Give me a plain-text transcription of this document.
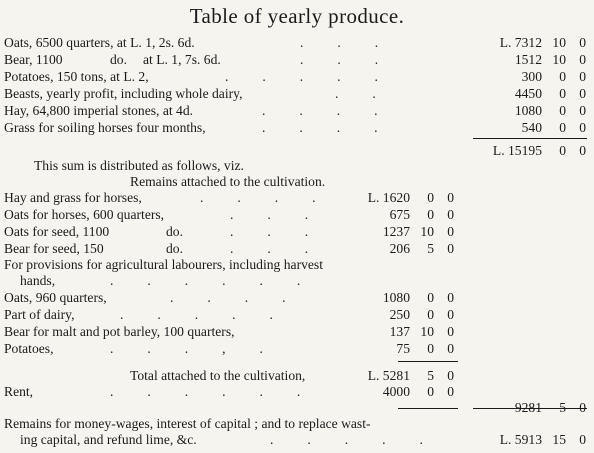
Table of yearly produce.
Oats, 6500 quarters, at L. 1, 2s. 6d.	.          .          .	L. 7312 10 0
Bear, 1100	do. at L. 1, 7s. 6d.	.          .          .	1512 10 0
Potatoes, 150 tons, at L. 2,	.          .          .          .          .	300	0 0
Beasts, yearly profit, including whole dairy,	.          .	4450	0 0
Hay, 64,800 imperial stones, at 4d.	.          .          .          .	1080	0 0
Grass for soiling horses four months,	.          .          .          .	540	0 0
L. 15195	0 0
This sum is distributed as follows, viz.
Remains attached to the cultivation.
Hay and grass for horses,	.          .          .          .	L. 1620	0 0
Oats for horses, 600 quarters,	.          .          .	675	0 0
Oats for seed, 1100	do.	.          .          .	1237 10 0
Bear for seed, 150	do.	.          .          .	206	5 0
For provisions for agricultural labourers, including harvest
hands,	.          .          .          .          .          .
Oats, 960 quarters,	.          .          .          .	1080	0 0
Part of dairy,	.          .          .          .          .	250	0 0
Bear for malt and pot barley, 100 quarters,	137 10 0
Potatoes,	.          .          .          ,          .	75	0 0
Total attached to the cultivation,	L. 5281	5 0
Rent,	.          .          .          .          .          .	4000	0 0
9281	5 0
Remains for money-wages, interest of capital ; and to replace wast-
ing capital, and refund lime, &c.	.          .          .          .          .	L. 5913 15 0
